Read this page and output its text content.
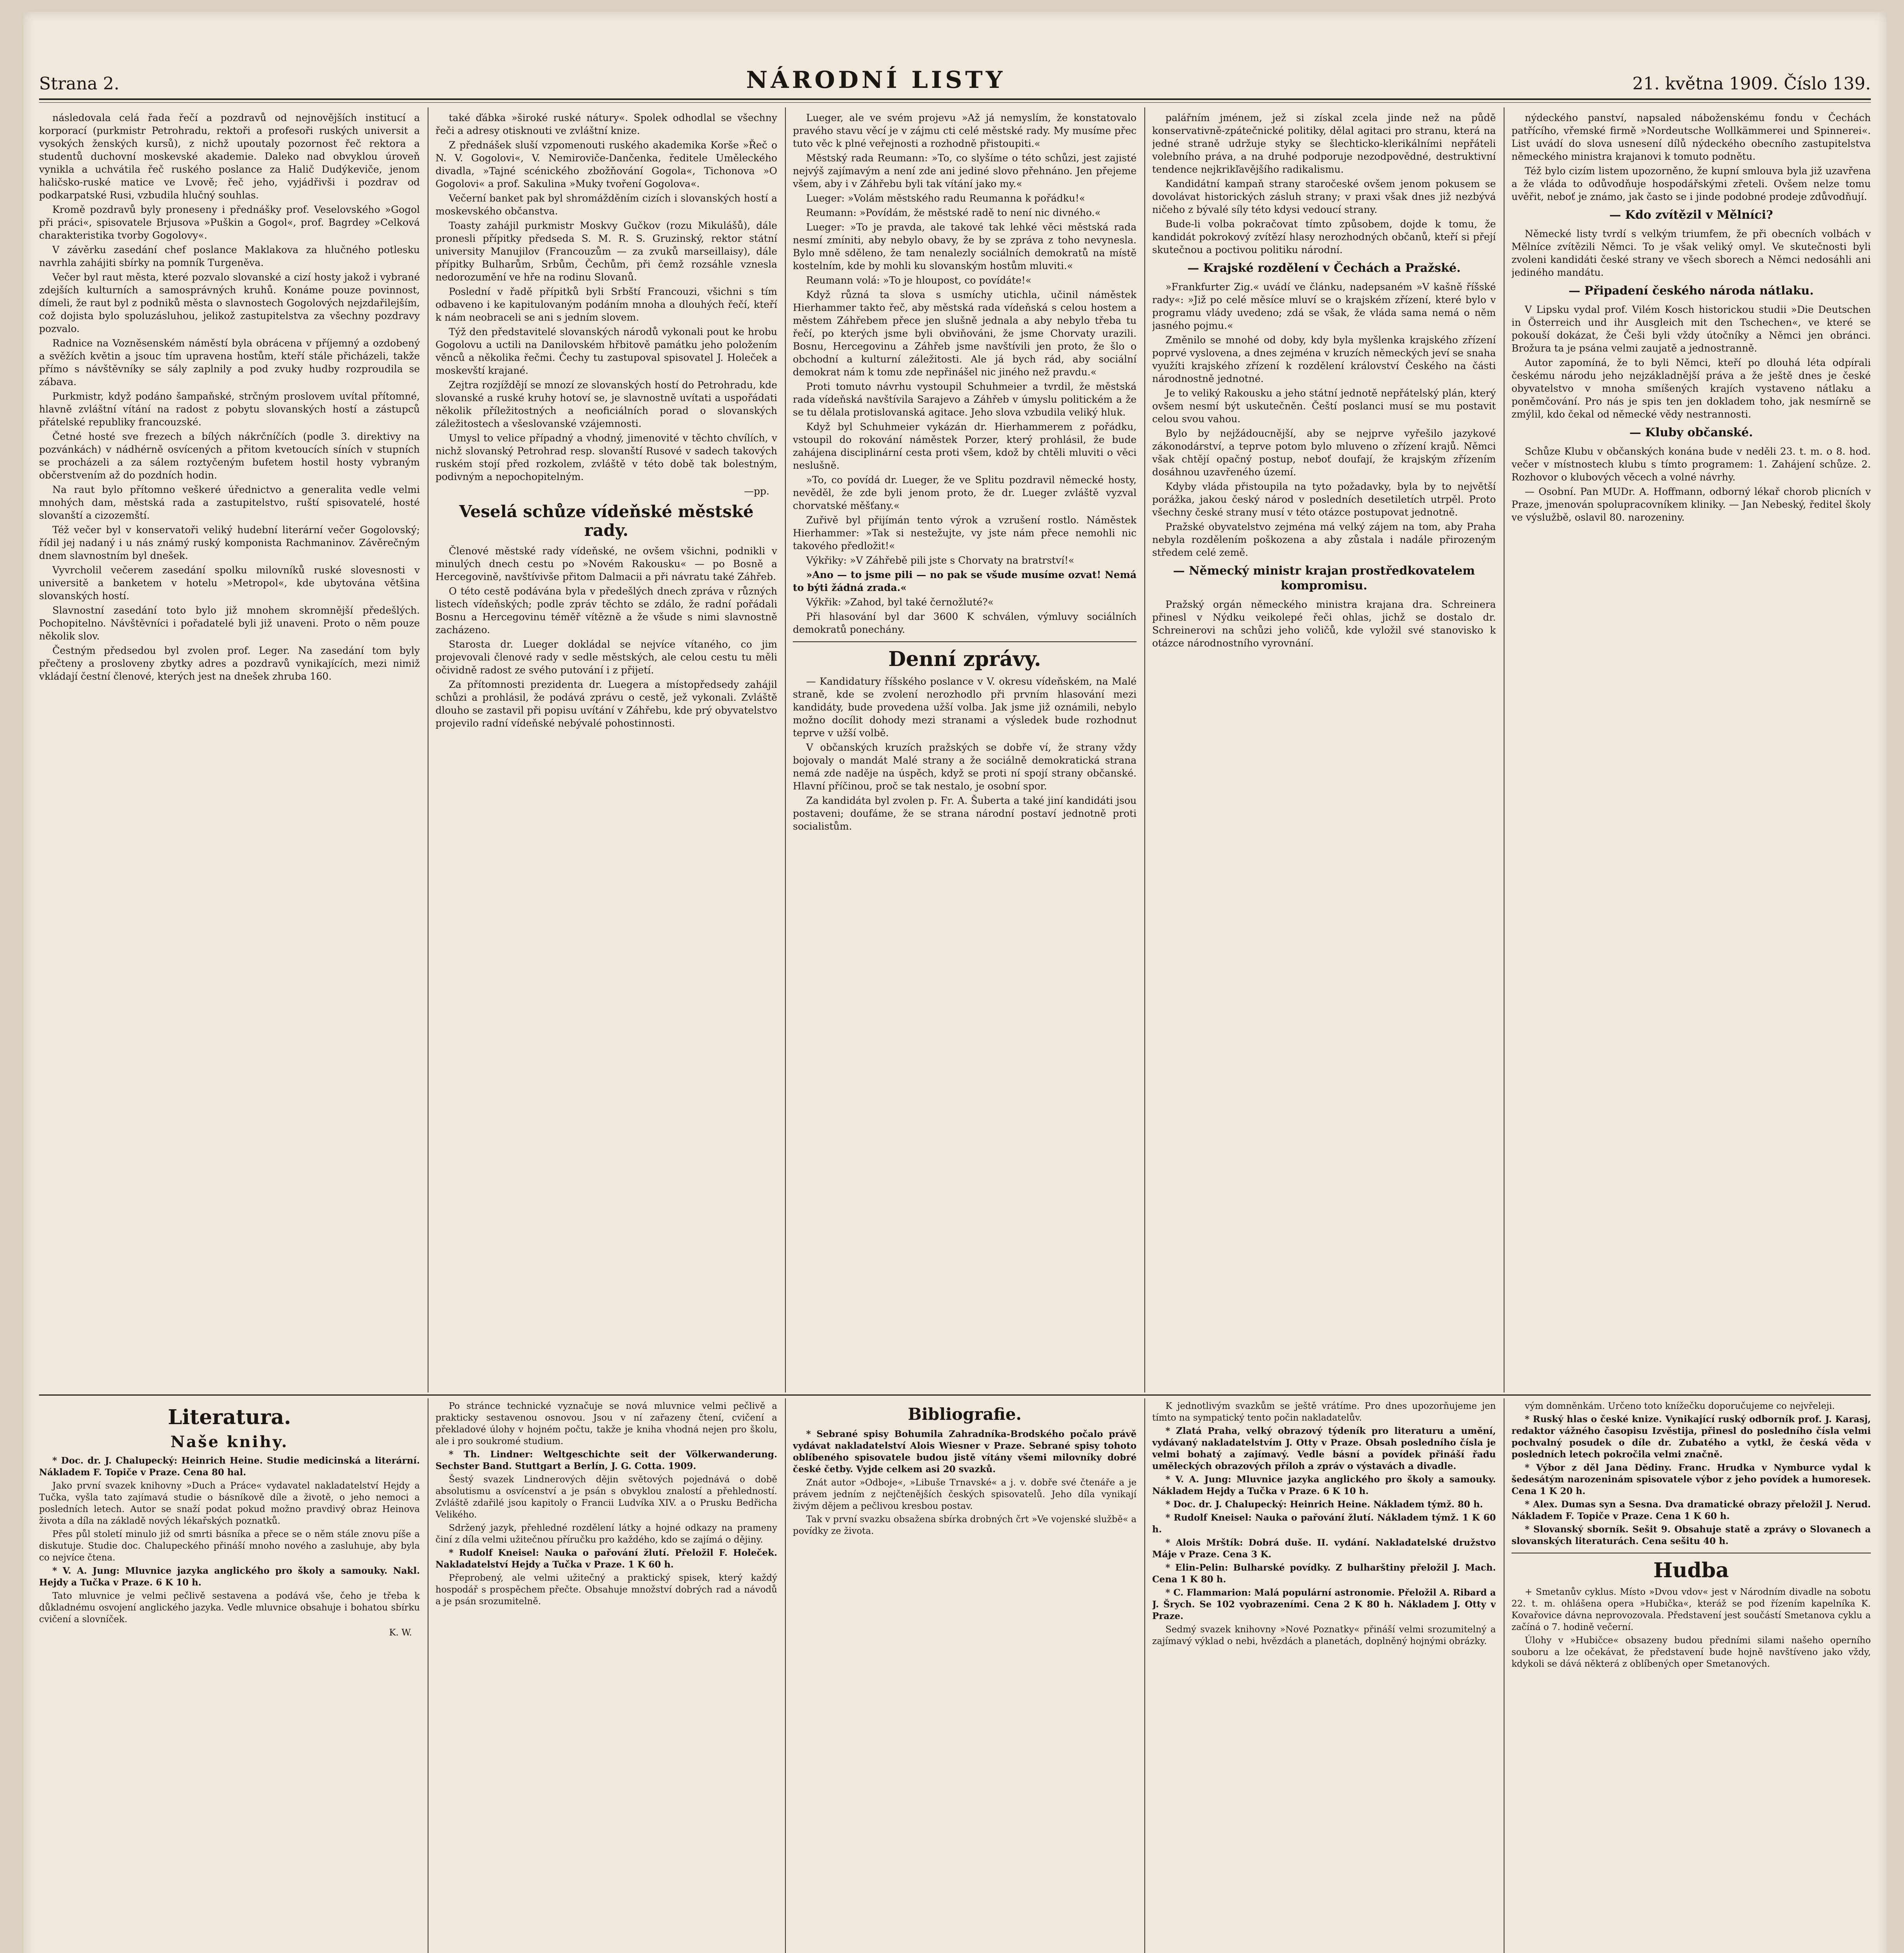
Strana 2.	NÁRODNÍ LISTY	21. května 1909. Číslo 139.

následovala celá řada řečí a pozdravů od nejnovějších institucí a korporací (purkmistr Petrohradu, rektoři a profesoři ruských universit a vysokých ženských kursů), z nichž upoutaly pozornost řeč rektora a studentů duchovní moskevské akademie. Daleko nad obvyklou úroveň vynikla a uchvátila řeč ruského poslance za Halič Dudýkeviče, jenom haličsko-ruské matice ve Lvově; řeč jeho, vyjádřivši i pozdrav od podkarpatské Rusi, vzbudila hlučný souhlas.

Kromě pozdravů byly proneseny i přednášky prof. Veselovského »Gogol při práci«, spisovatele Brjusova »Puškin a Gogol«, prof. Bagrdey »Celková charakteristika tvorby Gogolovy«.

V závěrku zasedání chef poslance Maklakova za hlučného potlesku navrhla zahájiti sbírky na pomník Turgeněva.

Večer byl raut města, které pozvalo slovanské a cizí hosty jakož i vybrané zdejších kulturních a samosprávných kruhů. Konáme pouze povinnost, dímeli, že raut byl z podniků města o slavnostech Gogolových nejzdařilejším, což dojista bylo spoluzásluhou, jelikož zastupitelstva za všechny pozdravy pozvalo.

Radnice na Vozněsenském náměstí byla obrácena v příjemný a ozdobený a svěžích květin a jsouc tím upravena hostům, kteří stále přicházeli, takže přímo s návštěvníky se sály zaplnily a pod zvuky hudby rozproudila se zábava.

Purkmistr, když podáno šampaňské, strčným proslovem uvítal přítomné, hlavně zvláštní vítání na radost z pobytu slovanských hostí a zástupců přátelské republiky francouzské.

Četné hosté sve frezech a bílých nákrčníčích (podle 3. direktivy na pozvánkách) v nádhérně osvícených a přitom kvetoucích síních v stupních se procházeli a za sálem roztyčeným bufetem hostil hosty vybraným občerstvením až do pozdních hodin.

Na raut bylo přítomno veškeré úřednictvo a generalita vedle velmi mnohých dam, městská rada a zastupitelstvo, ruští spisovatelé, hosté slovanští a cizozemští.

Též večer byl v konservatoři veliký hudební literární večer Gogolovský; řídil jej nadaný i u nás známý ruský komponista Rachmaninov. Závěrečným dnem slavnostním byl dnešek.

Vyvrcholil večerem zasedání spolku milovníků ruské slovesnosti v universitě a banketem v hotelu »Metropol«, kde ubytována většina slovanských hostí.

Slavnostní zasedání toto bylo již mnohem skromnější předešlých. Pochopitelno. Návštěvníci i pořadatelé byli již unaveni. Proto o něm pouze několik slov.

Čestným předsedou byl zvolen prof. Leger. Na zasedání tom byly přečteny a prosloveny zbytky adres a pozdravů vynikajících, mezi nimiž vkládají čestní členové, kterých jest na dnešek zhruba 160.

také ďábka »široké ruské nátury«. Spolek odhodlal se všechny řeči a adresy otisknouti ve zvláštní knize.

Z přednášek sluší vzpomenouti ruského akademika Korše »Řeč o N. V. Gogolovi«, V. Nemiroviče-Dančenka, ředitele Uměleckého divadla, »Tajné scénického zbožňování Gogola«, Tichonova »O Gogolovi« a prof. Sakulina »Muky tvoření Gogolova«.

Večerní banket pak byl shromážděním cizích i slovanských hostí a moskevského občanstva.

Toasty zahájil purkmistr Moskvy Gučkov (rozu Mikulášů), dále pronesli přípitky předseda S. M. R. S. Gruzinský, rektor státní university Manujilov (Francouzům — za zvuků marseillaisy), dále přípitky Bulharům, Srbům, Čechům, při čemž rozsáhle vznesla nedorozumění ve hře na rodinu Slovanů.

Poslední v řadě přípitků byli Srbští Francouzi, všichni s tím odbaveno i ke kapitulovaným podáním mnoha a dlouhých řečí, kteří k nám neobraceli se ani s jedním slovem.

Týž den představitelé slovanských národů vykonali pout ke hrobu Gogolovu a uctili na Danilovském hřbitově památku jeho položením věnců a několika řečmi. Čechy tu zastupoval spisovatel J. Holeček a moskevští krajané.

Zejtra rozjíždějí se mnozí ze slovanských hostí do Petrohradu, kde slovanské a ruské kruhy hotoví se, je slavnostně uvítati a uspořádati několik příležitostných a neoficiálních porad o slovanských záležitostech a všeslovanské vzájemnosti.

Umysl to velice případný a vhodný, jimenovité v těchto chvílích, v nichž slovanský Petrohrad resp. slovanští Rusové v sadech takových ruském stojí před rozkolem, zvláště v této době tak bolestným, podivným a nepochopitelným.

—pp.
Veselá schůze vídeňské městské rady.

Členové městské rady vídeňské, ne ovšem všichni, podnikli v minulých dnech cestu po »Novém Rakousku« — po Bosně a Hercegovině, navštívivše přitom Dalmacii a při návratu také Záhřeb.

O této cestě podávána byla v předešlých dnech zpráva v různých listech vídeňských; podle zpráv těchto se zdálo, že radní pořádali Bosnu a Hercegovinu téměř vítězně a že všude s nimi slavnostně zacházeno.

Starosta dr. Lueger dokládal se nejvíce vítaného, co jim projevovali členové rady v sedle městských, ale celou cestu tu měli očividně radost ze svého putování i z přijetí.

Za přítomnosti prezidenta dr. Luegera a místopředsedy zahájil schůzi a prohlásil, že podává zprávu o cestě, jež vykonali. Zvláště dlouho se zastavil při popisu uvítání v Záhřebu, kde prý obyvatelstvo projevilo radní vídeňské nebývalé pohostinnosti.

Lueger, ale ve svém projevu »Až já nemyslím, že konstatovalo pravého stavu věcí je v zájmu cti celé městské rady. My musíme přec tuto věc k plné veřejnosti a rozhodně přistoupiti.«

Městský rada Reumann: »To, co slyšíme o této schůzi, jest zajisté nejvýš zajímavým a není zde ani jediné slovo přehnáno. Jen přejeme všem, aby i v Záhřebu byli tak vítání jako my.«

Lueger: »Volám městského radu Reumanna k pořádku!«

Reumann: »Povídám, že městské radě to není nic divného.«

Lueger: »To je pravda, ale takové tak lehké věci městská rada nesmí zmíniti, aby nebylo obavy, že by se zpráva z toho nevynesla. Bylo mně sděleno, že tam nenalezly sociálních demokratů na místě kostelním, kde by mohli ku slovanským hostům mluviti.«

Reumann volá: »To je hloupost, co povídáte!«

Když různá ta slova s usmíchy utichla, učinil náměstek Hierhammer takto řeč, aby městská rada vídeňská s celou hostem a městem Záhřebem přece jen slušně jednala a aby nebylo třeba tu řečí, po kterých jsme byli obviňováni, že jsme Chorvaty urazili. Bosnu, Hercegovinu a Záhřeb jsme navštívili jen proto, že šlo o obchodní a kulturní záležitosti. Ale já bych rád, aby sociální demokrat nám k tomu zde nepřinášel nic jiného než pravdu.«

Proti tomuto návrhu vystoupil Schuhmeier a tvrdil, že městská rada vídeňská navštívila Sarajevo a Záhřeb v úmyslu politickém a že se tu dělala protislovanská agitace. Jeho slova vzbudila veliký hluk.

Když byl Schuhmeier vykázán dr. Hierhammerem z pořádku, vstoupil do rokování náměstek Porzer, který prohlásil, že bude zahájena disciplinární cesta proti všem, kdož by chtěli mluviti o věci neslušně.

»To, co povídá dr. Lueger, že ve Splitu pozdravil německé hosty, nevěděl, že zde byli jenom proto, že dr. Lueger zvláště vyzval chorvatské měšťany.«

Zuřivě byl přijímán tento výrok a vzrušení rostlo. Náměstek Hierhammer: »Tak si nestežujte, vy jste nám přece nemohli nic takového předložit!«

Výkřiky: »V Záhřebě pili jste s Chorvaty na bratrství!«

»Ano — to jsme pili — no pak se všude musíme ozvat! Nemá to býti žádná zrada.«

Výkřik: »Zahod, byl také černožluté?«

Při hlasování byl dar 3600 K schválen, výmluvy sociálních demokratů ponechány.

Denní zprávy.

— Kandidatury říšského poslance v V. okresu vídeňském, na Malé straně, kde se zvolení nerozhodlo při prvním hlasování mezi kandidáty, bude provedena užší volba. Jak jsme již oznámili, nebylo možno docílit dohody mezi stranami a výsledek bude rozhodnut teprve v užší volbě.

V občanských kruzích pražských se dobře ví, že strany vždy bojovaly o mandát Malé strany a že sociálně demokratická strana nemá zde naděje na úspěch, když se proti ní spojí strany občanské. Hlavní příčinou, proč se tak nestalo, je osobní spor.

Za kandidáta byl zvolen p. Fr. A. Šuberta a také jiní kandidáti jsou postaveni; doufáme, že se strana národní postaví jednotně proti socialistům.

palářním jménem, jež si získal zcela jinde než na půdě konservativně-zpátečnické politiky, dělal agitaci pro stranu, která na jedné straně udržuje styky se šlechticko-klerikálními nepřáteli volebního práva, a na druhé podporuje nezodpovědné, destruktivní tendence nejkrikľavějšího radikalismu.

Kandidátní kampaň strany staročeské ovšem jenom pokusem se dovolávat historických zásluh strany; v praxi však dnes již nezbývá ničeho z bývalé síly této kdysi vedoucí strany.

Bude-li volba pokračovat tímto způsobem, dojde k tomu, že kandidát pokrokový zvítězí hlasy nerozhodných občanů, kteří si přejí skutečnou a poctivou politiku národní.

— Krajské rozdělení v Čechách a Pražské.

»Frankfurter Zig.« uvádí ve článku, nadepsaném »V kašně říšské rady«: »Již po celé měsíce mluví se o krajském zřízení, které bylo v programu vlády uvedeno; zdá se však, že vláda sama nemá o něm jasného pojmu.«

Změnilo se mnohé od doby, kdy byla myšlenka krajského zřízení poprvé vyslovena, a dnes zejména v kruzích německých jeví se snaha využíti krajského zřízení k rozdělení království Českého na části národnostně jednotné.

Je to veliký Rakousku a jeho státní jednotě nepřátelský plán, který ovšem nesmí být uskutečněn. Čeští poslanci musí se mu postavit celou svou vahou.

Bylo by nejžádoucnější, aby se nejprve vyřešilo jazykové zákonodárství, a teprve potom bylo mluveno o zřízení krajů. Němci však chtějí opačný postup, neboť doufají, že krajským zřízením dosáhnou uzavřeného území.

Kdyby vláda přistoupila na tyto požadavky, byla by to největší porážka, jakou český národ v posledních desetiletích utrpěl. Proto všechny české strany musí v této otázce postupovat jednotně.

Pražské obyvatelstvo zejména má velký zájem na tom, aby Praha nebyla rozdělením poškozena a aby zůstala i nadále přirozeným středem celé země.

— Německý ministr krajan prostředkovatelem kompromisu.

Pražský orgán německého ministra krajana dra. Schreinera přinesl v Nýdku veikolepé řeči ohlas, jichž se dostalo dr. Schreinerovi na schůzi jeho voličů, kde vyložil své stanovisko k otázce národnostního vyrovnání.

nýdeckého panství, napsaled náboženskému fondu v Čechách patřícího, vřemské firmě »Nordeutsche Wollkämmerei und Spinnerei«. List uvádí do slova usnesení dílů nýdeckého obecního zastupitelstva německého ministra krajanovi k tomuto podnětu.

Též bylo cizím listem upozorněno, že kupní smlouva byla již uzavřena a že vláda to odůvodňuje hospodářskými zřeteli. Ovšem nelze tomu uvěřit, neboť je známo, jak často se i jinde podobné prodeje zdůvodňují.

— Kdo zvítězil v Mělníci?

Německé listy tvrdí s velkým triumfem, že při obecních volbách v Mělníce zvítězili Němci. To je však veliký omyl. Ve skutečnosti byli zvoleni kandidáti české strany ve všech sborech a Němci nedosáhli ani jediného mandátu.

— Připadení českého národa nátlaku.

V Lipsku vydal prof. Vilém Kosch historickou studii »Die Deutschen in Österreich und ihr Ausgleich mit den Tschechen«, ve které se pokouší dokázat, že Češi byli vždy útočníky a Němci jen obránci. Brožura ta je psána velmi zaujatě a jednostranně.

Autor zapomíná, že to byli Němci, kteří po dlouhá léta odpírali českému národu jeho nejzákladnější práva a že ještě dnes je české obyvatelstvo v mnoha smíšených krajích vystaveno nátlaku a poněmčování. Pro nás je spis ten jen dokladem toho, jak nesmírně se zmýlil, kdo čekal od německé vědy nestrannosti.

— Kluby občanské.

Schůze Klubu v občanských konána bude v neděli 23. t. m. o 8. hod. večer v místnostech klubu s tímto programem: 1. Zahájení schůze. 2. Rozhovor o klubových věcech a volné návrhy.

— Osobní. Pan MUDr. A. Hoffmann, odborný lékař chorob plicních v Praze, jmenován spolupracovníkem kliniky. — Jan Nebeský, ředitel školy ve výslužbě, oslavil 80. narozeniny.

Literatura.
Naše knihy.

* Doc. dr. J. Chalupecký: Heinrich Heine. Studie medicinská a literární. Nákladem F. Topiče v Praze. Cena 80 hal.

Jako první svazek knihovny »Duch a Práce« vydavatel nakladatelství Hejdy a Tučka, vyšla tato zajímavá studie o básníkově díle a životě, o jeho nemoci a posledních letech. Autor se snaží podat pokud možno pravdivý obraz Heinova života a díla na základě nových lékařských poznatků.

Přes půl století minulo již od smrti básníka a přece se o něm stále znovu píše a diskutuje. Studie doc. Chalupeckého přináší mnoho nového a zasluhuje, aby byla co nejvíce čtena.

* V. A. Jung: Mluvnice jazyka anglického pro školy a samouky. Nakl. Hejdy a Tučka v Praze. 6 K 10 h.

Tato mluvnice je velmi pečlivě sestavena a podává vše, čeho je třeba k důkladnému osvojení anglického jazyka. Vedle mluvnice obsahuje i bohatou sbírku cvičení a slovníček.

K. W.

Po stránce technické vyznačuje se nová mluvnice velmi pečlivě a prakticky sestavenou osnovou. Jsou v ní zařazeny čtení, cvičení a překladové úlohy v hojném počtu, takže je kniha vhodná nejen pro školu, ale i pro soukromé studium.

* Th. Lindner: Weltgeschichte seit der Völkerwanderung. Sechster Band. Stuttgart a Berlín, J. G. Cotta. 1909.

Šestý svazek Lindnerových dějin světových pojednává o době absolutismu a osvícenství a je psán s obvyklou znalostí a přehledností. Zvláště zdařilé jsou kapitoly o Francii Ludvíka XIV. a o Prusku Bedřicha Velikého.

Sdržený jazyk, přehledné rozdělení látky a hojné odkazy na prameny činí z díla velmi užitečnou příručku pro každého, kdo se zajímá o dějiny.

* Rudolf Kneisel: Nauka o pařování žlutí. Přeložil F. Holeček. Nakladatelství Hejdy a Tučka v Praze. 1 K 60 h.

Přeprobený, ale velmi užitečný a praktický spisek, který každý hospodář s prospěchem přečte. Obsahuje množství dobrých rad a návodů a je psán srozumitelně.

Bibliografie.

* Sebrané spisy Bohumila Zahradníka-Brodského počalo právě vydávat nakladatelství Alois Wiesner v Praze. Sebrané spisy tohoto oblíbeného spisovatele budou jistě vítány všemi milovníky dobré české četby. Vyjde celkem asi 20 svazků.

Znát autor »Odboje«, »Libuše Trnavské« a j. v. dobře své čtenáře a je právem jedním z nejčtenějších českých spisovatelů. Jeho díla vynikají živým dějem a pečlivou kresbou postav.

Tak v první svazku obsažena sbírka drobných črt »Ve vojenské službě« a povídky ze života.

K jednotlivým svazkům se ještě vrátíme. Pro dnes upozorňujeme jen tímto na sympatický tento počin nakladatelův.

* Zlatá Praha, velký obrazový týdeník pro literaturu a umění, vydávaný nakladatelstvím J. Otty v Praze. Obsah posledního čísla je velmi bohatý a zajímavý. Vedle básní a povídek přináší řadu uměleckých obrazových příloh a zpráv o výstavách a divadle.

* V. A. Jung: Mluvnice jazyka anglického pro školy a samouky. Nákladem Hejdy a Tučka v Praze. 6 K 10 h.

* Doc. dr. J. Chalupecký: Heinrich Heine. Nákladem týmž. 80 h.

* Rudolf Kneisel: Nauka o pařování žlutí. Nákladem týmž. 1 K 60 h.

* Alois Mrštík: Dobrá duše. II. vydání. Nakladatelské družstvo Máje v Praze. Cena 3 K.

* Elin-Pelin: Bulharské povídky. Z bulharštiny přeložil J. Mach. Cena 1 K 80 h.

* C. Flammarion: Malá populární astronomie. Přeložil A. Ribard a J. Šrych. Se 102 vyobrazeními. Cena 2 K 80 h. Nákladem J. Otty v Praze.

Sedmý svazek knihovny »Nové Poznatky« přináší velmi srozumitelný a zajímavý výklad o nebi, hvězdách a planetách, doplněný hojnými obrázky.

vým domněnkám. Určeno toto knížečku doporučujeme co nejvřeleji.

* Ruský hlas o české knize. Vynikající ruský odborník prof. J. Karasj, redaktor vážného časopisu Izvěstija, přinesl do posledního čísla velmi pochvalný posudek o díle dr. Zubatého a vytkl, že česká věda v posledních letech pokročila velmi značně.

* Výbor z děl Jana Dědiny. Franc. Hrudka v Nymburce vydal k šedesátým narozeninám spisovatele výbor z jeho povídek a humoresek. Cena 1 K 20 h.

* Alex. Dumas syn a Sesna. Dva dramatické obrazy přeložil J. Nerud. Nákladem F. Topiče v Praze. Cena 1 K 60 h.

* Slovanský sborník. Sešit 9. Obsahuje statě a zprávy o Slovanech a slovanských literaturách. Cena sešitu 40 h.

Hudba

+ Smetanův cyklus. Místo »Dvou vdov« jest v Národním divadle na sobotu 22. t. m. ohlášena opera »Hubička«, kteráž se pod řízením kapelníka K. Kovařovice dávna neprovozovala. Představení jest součástí Smetanova cyklu a začíná o 7. hodině večerní.

Úlohy v »Hubičce« obsazeny budou předními silami našeho operního souboru a lze očekávat, že představení bude hojně navštíveno jako vždy, kdykoli se dává některá z oblíbených oper Smetanových.
